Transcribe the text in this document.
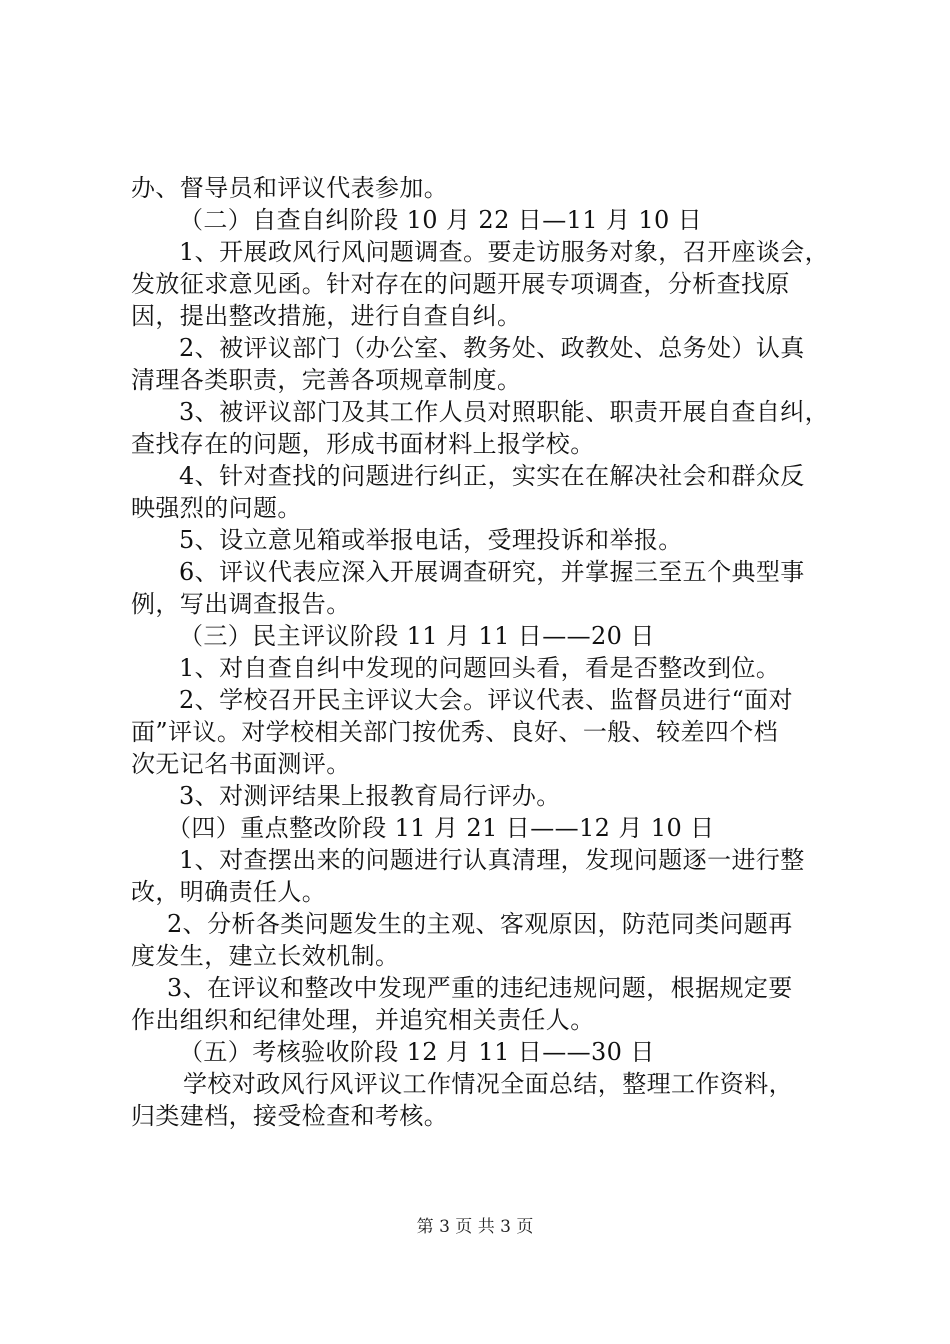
办、督导员和评议代表参加。
（二）自查自纠阶段 10 月 22 日—11 月 10 日
1、开展政风行风问题调查。要走访服务对象，召开座谈会，
发放征求意见函。针对存在的问题开展专项调查，分析查找原
因，提出整改措施，进行自查自纠。
2、被评议部门（办公室、教务处、政教处、总务处）认真
清理各类职责，完善各项规章制度。
3、被评议部门及其工作人员对照职能、职责开展自查自纠，
查找存在的问题，形成书面材料上报学校。
4、针对查找的问题进行纠正，实实在在解决社会和群众反
映强烈的问题。
5、设立意见箱或举报电话，受理投诉和举报。
6、评议代表应深入开展调查研究，并掌握三至五个典型事
例，写出调查报告。
（三）民主评议阶段 11 月 11 日——20 日
1、对自查自纠中发现的问题回头看，看是否整改到位。
2、学校召开民主评议大会。评议代表、监督员进行“面对
面”评议。对学校相关部门按优秀、良好、一般、较差四个档
次无记名书面测评。
3、对测评结果上报教育局行评办。
（四）重点整改阶段 11 月 21 日——12 月 10 日
1、对查摆出来的问题进行认真清理，发现问题逐一进行整
改，明确责任人。
2、分析各类问题发生的主观、客观原因，防范同类问题再
度发生，建立长效机制。
3、在评议和整改中发现严重的违纪违规问题，根据规定要
作出组织和纪律处理，并追究相关责任人。
（五）考核验收阶段 12 月 11 日——30 日
学校对政风行风评议工作情况全面总结，整理工作资料，
归类建档，接受检查和考核。
第 3 页 共 3 页
